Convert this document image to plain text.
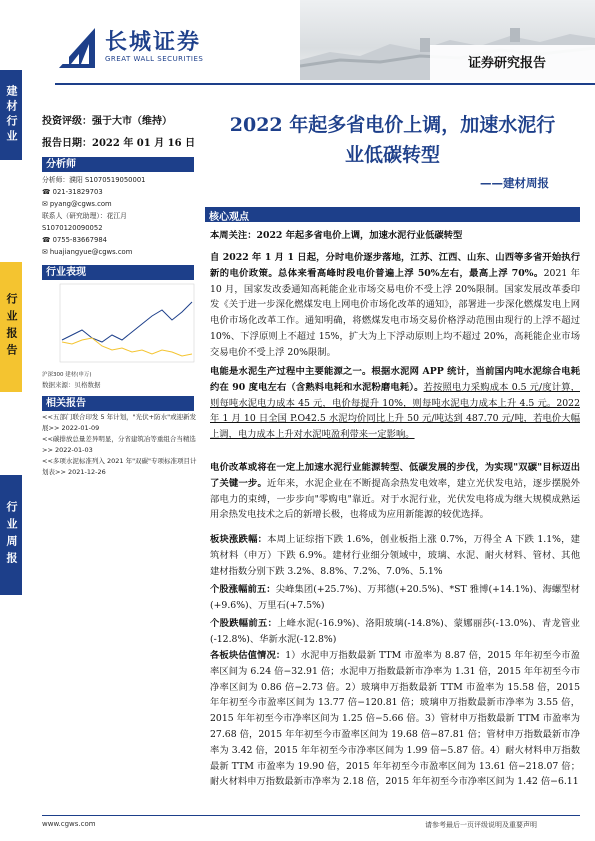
长城证券
GREAT WALL SECURITIES	证券研究报告
建材行业
行业报告
行业周报
投资评级：强于大市（维持）
报告日期：2022 年 01 月 16 日
分析师
分析师：濮阳 S1070519050001
☎ 021-31829703
✉ pyang@cgws.com
联系人（研究助理）：花江月
S1070120090052
☎ 0755-83667984
✉ huajiangyue@cgws.com
行业表现
沪深300 建材(申万)
数据来源：贝格数据
相关报告
<<五部门联合印发 5 年计划，"光伏+防水"或迎新发展>> 2022-01-09
<<碳排放总量差异明显，分省建筑冶等重组合当精选>> 2022-01-03
<<多项水泥标准列入 2021 年"双碳"专项标准项目计划表>> 2021-12-26
2022 年起多省电价上调，加速水泥行
业低碳转型
——建材周报
核心观点
本周关注：2022 年起多省电价上调，加速水泥行业低碳转型
自 2022 年 1 月 1 日起，分时电价逐步落地，江苏、江西、山东、山西等多省开始执行新的电价政策。总体来看高峰时段电价普遍上浮 50%左右，最高上浮 70%。2021 年 10 月，国家发改委通知高耗能企业市场交易电价不受上浮 20%限制。国家发展改革委印发《关于进一步深化燃煤发电上网电价市场化改革的通知》，部署进一步深化燃煤发电上网电价市场化改革工作。通知明确，将燃煤发电市场交易价格浮动范围由现行的上浮不超过 10%、下浮原则上不超过 15%，扩大为上下浮动原则上均不超过 20%，高耗能企业市场交易电价不受上浮 20%限制。
电能是水泥生产过程中主要能源之一。根据水泥网 APP 统计，当前国内吨水泥综合电耗约在 90 度电左右（含熟料电耗和水泥粉磨电耗）。若按照电力采购成本 0.5 元/度计算，则每吨水泥电力成本 45 元，电价每提升 10%，则每吨水泥电力成本上升 4.5 元。2022 年 1 月 10 日全国 P.O42.5 水泥均价同比上升 50 元/吨达到 487.70 元/吨，若电价大幅上调，电力成本上升对水泥吨盈利带来一定影响。
电价改革或将在一定上加速水泥行业能源转型、低碳发展的步伐，为实现"双碳"目标迈出了关键一步。近年来，水泥企业在不断提高余热发电效率，建立光伏发电站，逐步摆脱外部电力的束缚，一步步向"零购电"靠近。对于水泥行业，光伏发电将成为继大规模成熟运用余热发电技术之后的新增长极，也将成为应用新能源的较优选择。
板块涨跌幅：本周上证综指下跌 1.6%，创业板指上涨 0.7%，万得全 A 下跌 1.1%，建筑材料（申万）下跌 6.9%。建材行业细分领域中，玻璃、水泥、耐火材料、管材、其他建材指数分别下跌 3.2%、8.8%、7.2%、7.0%、5.1%
个股涨幅前五：尖峰集团(+25.7%)、万邦德(+20.5%)、*ST 雅博(+14.1%)、海螺型材(+9.6%)、万里石(+7.5%)
个股跌幅前五：上峰水泥(-16.9%)、洛阳玻璃(-14.8%)、蒙娜丽莎(-13.0%)、青龙管业(-12.8%)、华新水泥(-12.8%)
各板块估值情况：1）水泥申万指数最新 TTM 市盈率为 8.87 倍，2015 年年初至今市盈率区间为 6.24 倍−32.91 倍；水泥申万指数最新市净率为 1.31 倍，2015 年年初至今市净率区间为 0.86 倍−2.73 倍。2）玻璃申万指数最新 TTM 市盈率为 15.58 倍，2015 年年初至今市盈率区间为 13.77 倍−120.81 倍；玻璃申万指数最新市净率为 3.55 倍，2015 年年初至今市净率区间为 1.25 倍−5.66 倍。3）管材申万指数最新 TTM 市盈率为 27.68 倍，2015 年年初至今市盈率区间为 19.68 倍−87.81 倍；管材申万指数最新市净率为 3.42 倍，2015 年年初至今市净率区间为 1.99 倍−5.87 倍。4）耐火材料申万指数最新 TTM 市盈率为 19.90 倍，2015 年年初至今市盈率区间为 13.61 倍−218.07 倍；耐火材料申万指数最新市净率为 2.18 倍，2015 年年初至今市净率区间为 1.42 倍−6.11
www.cgws.com	请参考最后一页评级说明及重要声明
